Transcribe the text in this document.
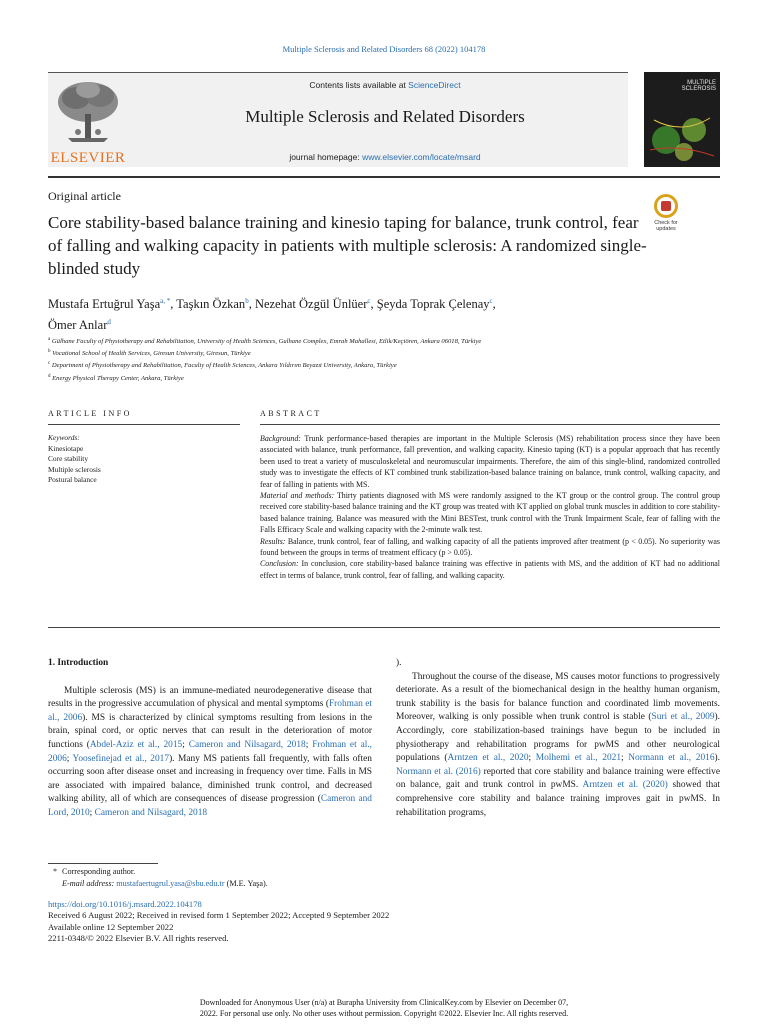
Multiple Sclerosis and Related Disorders 68 (2022) 104178
ELSEVIER
Contents lists available at ScienceDirect
Multiple Sclerosis and Related Disorders
journal homepage: www.elsevier.com/locate/msard
MULTIPLE
SCLEROSIS
Original article
Core stability-based balance training and kinesio taping for balance, trunk control, fear of falling and walking capacity in patients with multiple sclerosis: A randomized single-blinded study
Check for
updates
Mustafa Ertuğrul Yaşa$^{a, *}$, Taşkın Özkan$^b$, Nezehat Özgül Ünlüer$^c$, Şeyda Toprak Çelenay$^c$,
Ömer Anlar$^d$
$^a$ Gülhane Faculty of Physiotherapy and Rehabilitation, University of Health Sciences, Gulhane Complex, Emrah Mahallesi, Etlik/Keçiören, Ankara 06018, Türkiye
$^b$ Vocational School of Health Services, Giresun University, Giresun, Türkiye
$^c$ Department of Physiotherapy and Rehabilitation, Faculty of Health Sciences, Ankara Yıldırım Beyazıt University, Ankara, Türkiye
$^d$ Energy Physical Therapy Center, Ankara, Türkiye
ARTICLE INFO	ABSTRACT
Keywords:
Kinesiotape
Core stability
Multiple sclerosis
Postural balance

Background: Trunk performance-based therapies are important in the Multiple Sclerosis (MS) rehabilitation process since they have been associated with balance, trunk performance, fall prevention, and walking capacity. Kinesio taping (KT) is a popular approach that has recently been used to treat a variety of musculoskeletal and neuromuscular impairments. Therefore, the aim of this single-blind, randomized controlled study was to investigate the effects of KT combined trunk stabilization-based balance training on balance, trunk control, walking capacity, and fear of falling in patients with MS.

Material and methods: Thirty patients diagnosed with MS were randomly assigned to the KT group or the control group. The control group received core stability-based balance training and the KT group was treated with KT applied on global trunk muscles in addition to core stability-based balance training. Balance was measured with the Mini BESTest, trunk control with the Trunk Impairment Scale, fear of falling with the Falls Efficacy Scale and walking capacity with the 2-minute walk test.

Results: Balance, trunk control, fear of falling, and walking capacity of all the patients improved after treatment (p < 0.05). No superiority was found between the groups in terms of treatment efficacy (p > 0.05).

Conclusion: In conclusion, core stability-based balance training was effective in patients with MS, and the addition of KT had no additional effect in terms of balance, trunk control, fear of falling, and walking capacity.

1. Introduction

Multiple sclerosis (MS) is an immune-mediated neurodegenerative disease that results in the progressive accumulation of physical and mental symptoms (Frohman et al., 2006). MS is characterized by clinical symptoms resulting from lesions in the brain, spinal cord, or optic nerves that can result in the deterioration of motor functions (Abdel-Aziz et al., 2015; Cameron and Nilsagard, 2018; Frohman et al., 2006; Yoosefinejad et al., 2017). Many MS patients fall frequently, with falls often occurring soon after disease onset and increasing in frequency over time. Falls in MS are associated with impaired balance, diminished trunk control, and decreased walking ability, all of which are consequences of disease progression (Cameron and Lord, 2010; Cameron and Nilsagard, 2018

).

Throughout the course of the disease, MS causes motor functions to progressively deteriorate. As a result of the biomechanical design in the healthy human organism, trunk stability is the basis for balance function and coordinated limb movements. Moreover, walking is only possible when trunk control is stable (Suri et al., 2009). Accordingly, core stabilization-based trainings have begun to be included in physiotherapy and rehabilitation programs for pwMS and other neurological populations (Arntzen et al., 2020; Molhemi et al., 2021; Normann et al., 2016). Normann et al. (2016) reported that core stability and balance training were effective on balance, gait and trunk control in pwMS. Arntzen et al. (2020) showed that comprehensive core stability and balance training improves gait in pwMS. In rehabilitation programs,

* Corresponding author.
E-mail address: mustafaertugrul.yasa@sbu.edu.tr (M.E. Yaşa).
https://doi.org/10.1016/j.msard.2022.104178
Received 6 August 2022; Received in revised form 1 September 2022; Accepted 9 September 2022
Available online 12 September 2022
2211-0348/© 2022 Elsevier B.V. All rights reserved.
Downloaded for Anonymous User (n/a) at Burapha University from ClinicalKey.com by Elsevier on December 07,
2022. For personal use only. No other uses without permission. Copyright ©2022. Elsevier Inc. All rights reserved.
